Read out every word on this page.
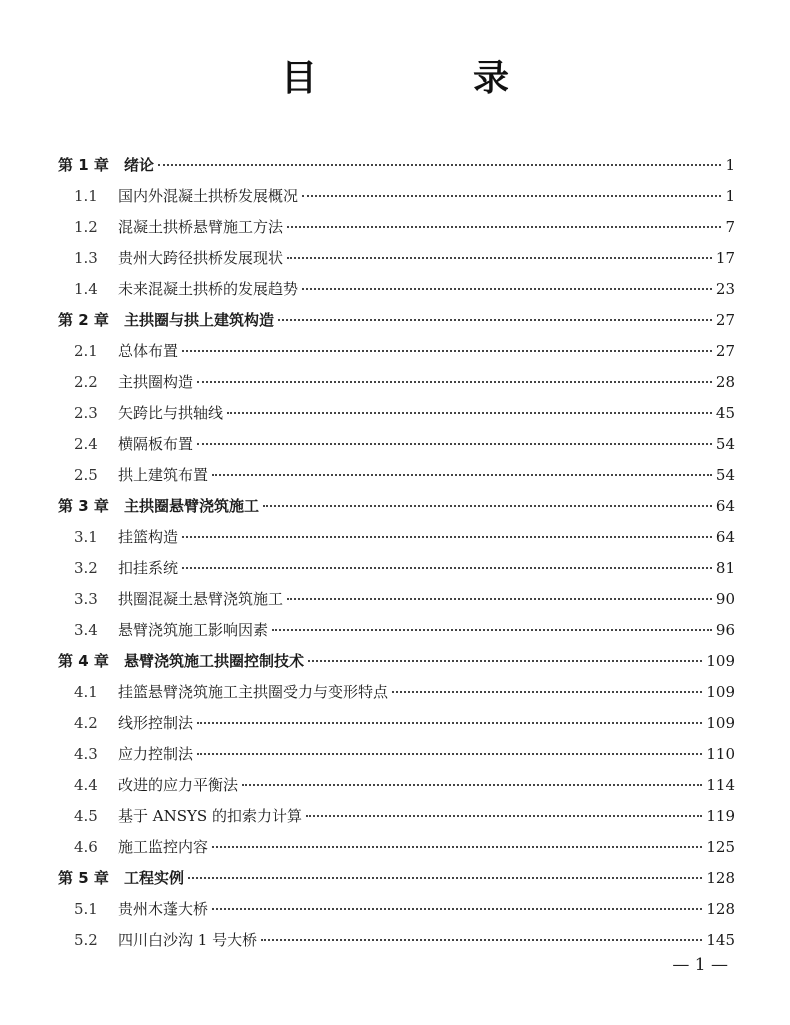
目　录
第 1 章	绪论	1
1.1	国内外混凝土拱桥发展概况	1
1.2	混凝土拱桥悬臂施工方法	7
1.3	贵州大跨径拱桥发展现状	17
1.4	未来混凝土拱桥的发展趋势	23
第 2 章	主拱圈与拱上建筑构造	27
2.1	总体布置	27
2.2	主拱圈构造	28
2.3	矢跨比与拱轴线	45
2.4	横隔板布置	54
2.5	拱上建筑布置	54
第 3 章	主拱圈悬臂浇筑施工	64
3.1	挂篮构造	64
3.2	扣挂系统	81
3.3	拱圈混凝土悬臂浇筑施工	90
3.4	悬臂浇筑施工影响因素	96
第 4 章	悬臂浇筑施工拱圈控制技术	109
4.1	挂篮悬臂浇筑施工主拱圈受力与变形特点	109
4.2	线形控制法	109
4.3	应力控制法	110
4.4	改进的应力平衡法	114
4.5	基于 ANSYS 的扣索力计算	119
4.6	施工监控内容	125
第 5 章	工程实例	128
5.1	贵州木蓬大桥	128
5.2	四川白沙沟 1 号大桥	145
— 1 —
